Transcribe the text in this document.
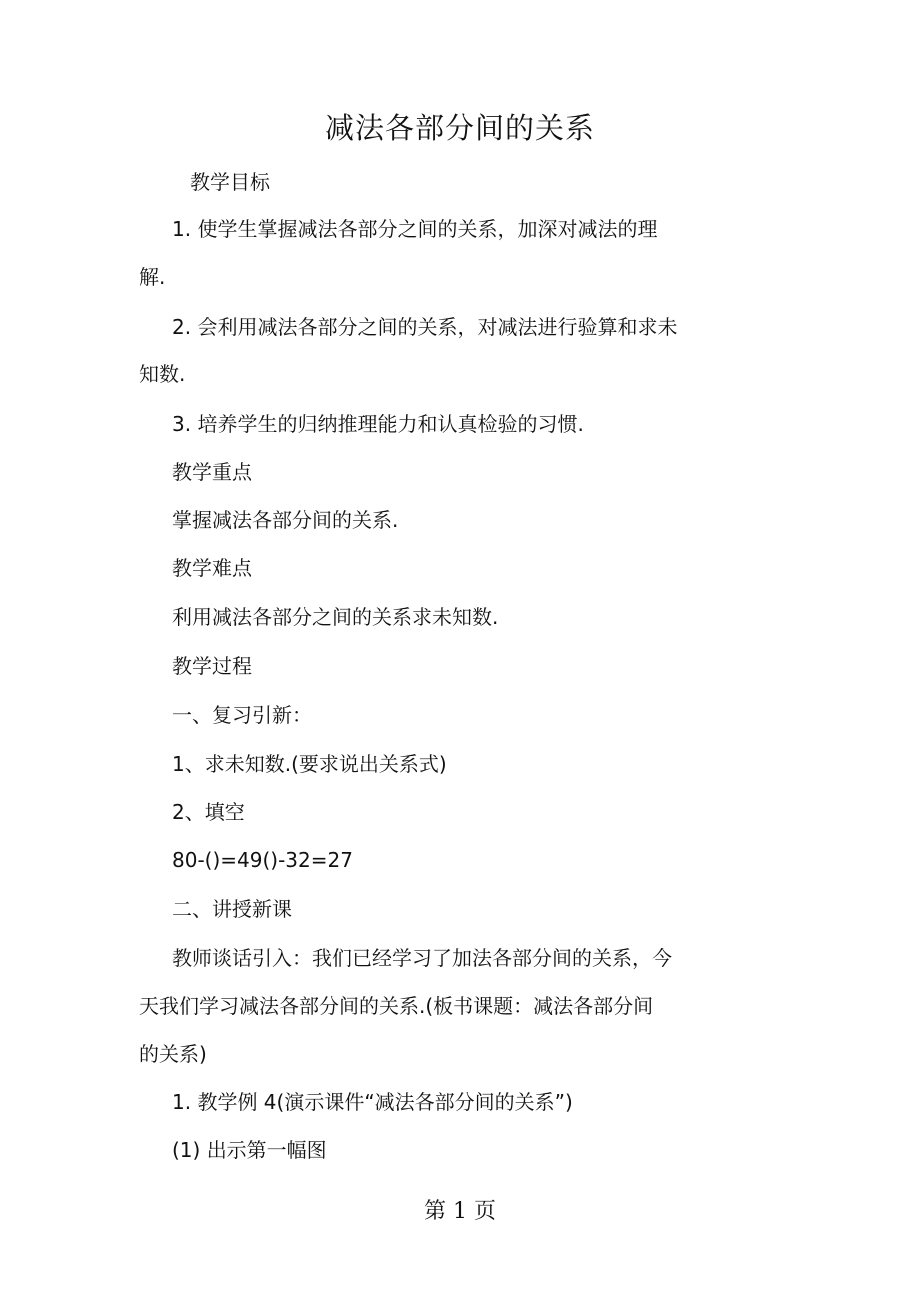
减法各部分间的关系
教学目标
1. 使学生掌握减法各部分之间的关系，加深对减法的理
解.
2. 会利用减法各部分之间的关系，对减法进行验算和求未
知数.
3. 培养学生的归纳推理能力和认真检验的习惯.
教学重点
掌握减法各部分间的关系.
教学难点
利用减法各部分之间的关系求未知数.
教学过程
一、复习引新：
1、求未知数.(要求说出关系式)
2、填空
80-()=49()-32=27
二、讲授新课
教师谈话引入：我们已经学习了加法各部分间的关系，今
天我们学习减法各部分间的关系.(板书课题：减法各部分间
的关系)
1. 教学例 4(演示课件“减法各部分间的关系”)
(1) 出示第一幅图
第 1 页
